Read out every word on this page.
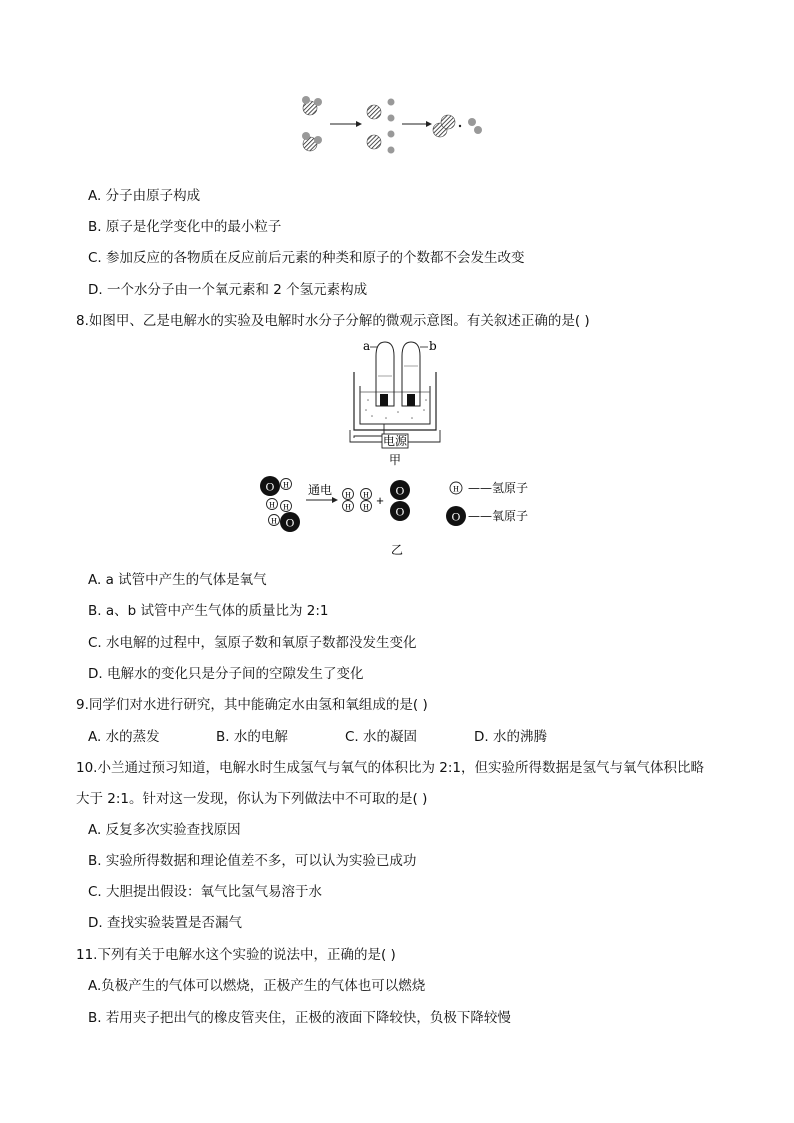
A. 分子由原子构成
B. 原子是化学变化中的最小粒子
C. 参加反应的各物质在反应前后元素的种类和原子的个数都不会发生改变
D. 一个水分子由一个氧元素和 2 个氢元素构成
8.如图甲、乙是电解水的实验及电解时水分子分解的微观示意图。有关叙述正确的是( )
a	b
电源
甲
O H
H
O
H
H
通电 H
H
H
H +
O
O
H ——氢原子
O ——氧原子
乙
A. a 试管中产生的气体是氧气
B. a、b 试管中产生气体的质量比为 2:1
C. 水电解的过程中，氢原子数和氧原子数都没发生变化
D. 电解水的变化只是分子间的空隙发生了变化
9.同学们对水进行研究，其中能确定水由氢和氧组成的是( )
A. 水的蒸发	B. 水的电解	C. 水的凝固	D. 水的沸腾
10.小兰通过预习知道，电解水时生成氢气与氧气的体积比为 2:1，但实验所得数据是氢气与氧气体积比略
大于 2:1。针对这一发现，你认为下列做法中不可取的是( )
A. 反复多次实验查找原因
B. 实验所得数据和理论值差不多，可以认为实验已成功
C. 大胆提出假设：氧气比氢气易溶于水
D. 查找实验装置是否漏气
11.下列有关于电解水这个实验的说法中，正确的是( )
A.负极产生的气体可以燃烧，正极产生的气体也可以燃烧
B. 若用夹子把出气的橡皮管夹住，正极的液面下降较快，负极下降较慢
